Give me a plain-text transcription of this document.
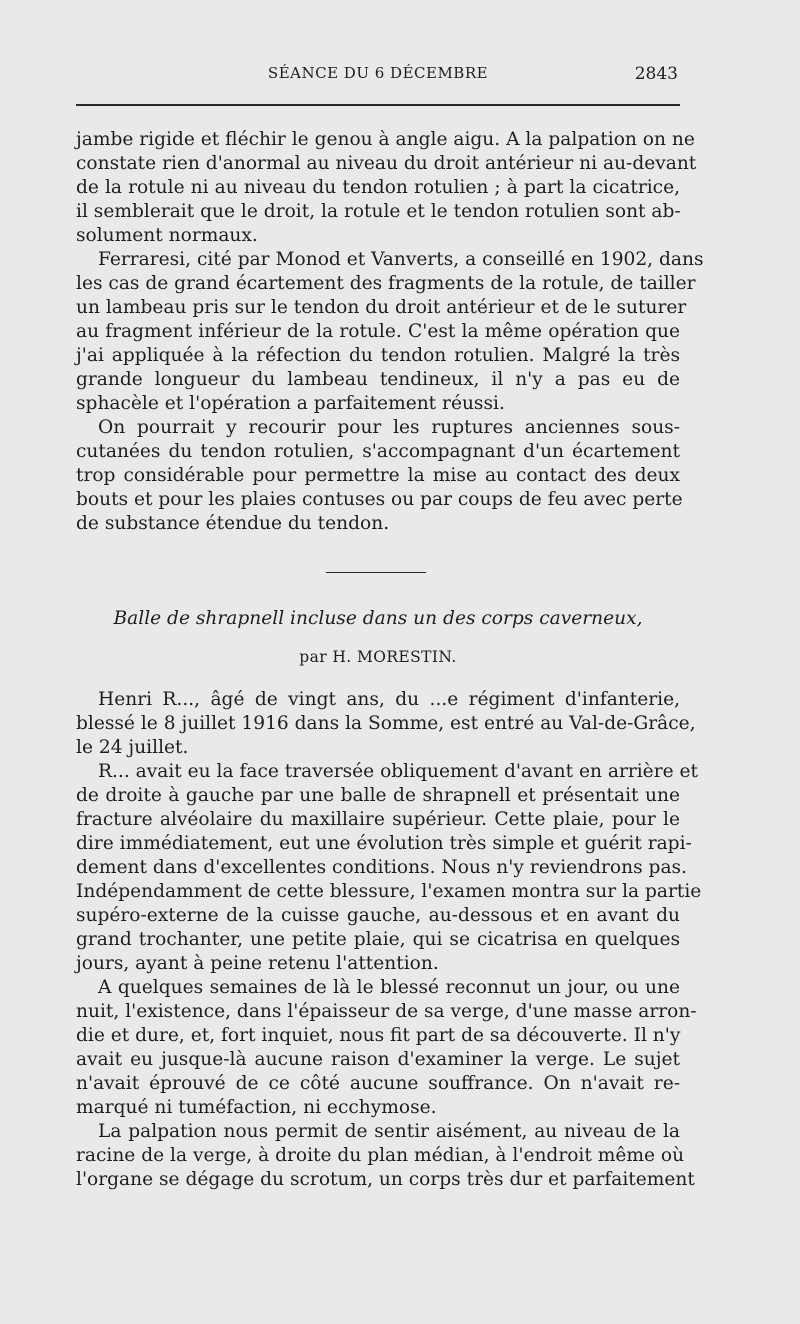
SÉANCE DU 6 DÉCEMBRE	2843
jambe rigide et fléchir le genou à angle aigu. A la palpation on ne
constate rien d'anormal au niveau du droit antérieur ni au-devant
de la rotule ni au niveau du tendon rotulien ; à part la cicatrice,
il semblerait que le droit, la rotule et le tendon rotulien sont ab-
solument normaux.
Ferraresi, cité par Monod et Vanverts, a conseillé en 1902, dans
les cas de grand écartement des fragments de la rotule, de tailler
un lambeau pris sur le tendon du droit antérieur et de le suturer
au fragment inférieur de la rotule. C'est la même opération que
j'ai appliquée à la réfection du tendon rotulien. Malgré la très
grande longueur du lambeau tendineux, il n'y a pas eu de
sphacèle et l'opération a parfaitement réussi.
On pourrait y recourir pour les ruptures anciennes sous-
cutanées du tendon rotulien, s'accompagnant d'un écartement
trop considérable pour permettre la mise au contact des deux
bouts et pour les plaies contuses ou par coups de feu avec perte
de substance étendue du tendon.
Balle de shrapnell incluse dans un des corps caverneux,
par H. MORESTIN.
Henri R..., âgé de vingt ans, du ...e régiment d'infanterie,
blessé le 8 juillet 1916 dans la Somme, est entré au Val-de-Grâce,
le 24 juillet.
R... avait eu la face traversée obliquement d'avant en arrière et
de droite à gauche par une balle de shrapnell et présentait une
fracture alvéolaire du maxillaire supérieur. Cette plaie, pour le
dire immédiatement, eut une évolution très simple et guérit rapi-
dement dans d'excellentes conditions. Nous n'y reviendrons pas.
Indépendamment de cette blessure, l'examen montra sur la partie
supéro-externe de la cuisse gauche, au-dessous et en avant du
grand trochanter, une petite plaie, qui se cicatrisa en quelques
jours, ayant à peine retenu l'attention.
A quelques semaines de là le blessé reconnut un jour, ou une
nuit, l'existence, dans l'épaisseur de sa verge, d'une masse arron-
die et dure, et, fort inquiet, nous fit part de sa découverte. Il n'y
avait eu jusque-là aucune raison d'examiner la verge. Le sujet
n'avait éprouvé de ce côté aucune souffrance. On n'avait re-
marqué ni tuméfaction, ni ecchymose.
La palpation nous permit de sentir aisément, au niveau de la
racine de la verge, à droite du plan médian, à l'endroit même où
l'organe se dégage du scrotum, un corps très dur et parfaitement
